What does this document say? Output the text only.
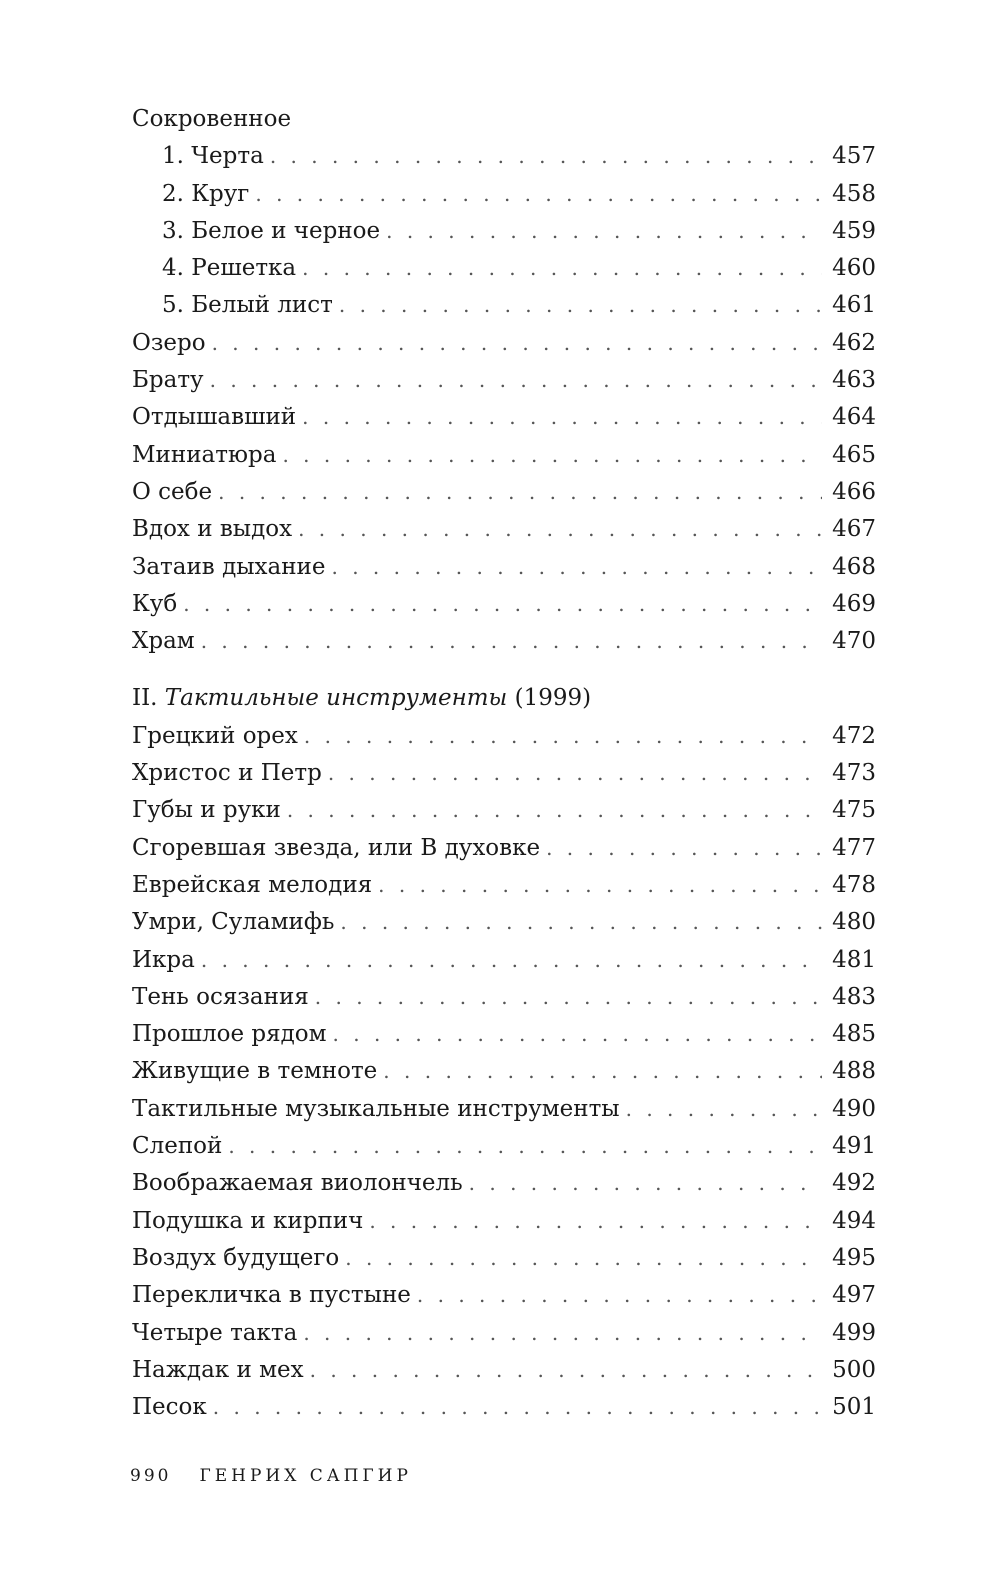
Сокровенное
1. Черта . . .	457
2. Круг . . .	458
3. Белое и черное . . .	459
4. Решетка . . .	460
5. Белый лист . . .	461
Озеро . . .	462
Брату . . .	463
Отдышавший . . .	464
Миниатюра . . .	465
О себе . . .	466
Вдох и выдох . . .	467
Затаив дыхание . . .	468
Куб . . .	469
Храм . . .	470
II. Тактильные инструменты (1999)
Грецкий орех . . .	472
Христос и Петр . . .	473
Губы и руки . . .	475
Сгоревшая звезда, или В духовке . . .	477
Еврейская мелодия . . .	478
Умри, Суламифь . . .	480
Икра . . .	481
Тень осязания . . .	483
Прошлое рядом . . .	485
Живущие в темноте . . .	488
Тактильные музыкальные инструменты . . .	490
Слепой . . .	491
Воображаемая виолончель . . .	492
Подушка и кирпич . . .	494
Воздух будущего . . .	495
Перекличка в пустыне . . .	497
Четыре такта . . .	499
Наждак и мех . . .	500
Песок . . .	501
990 ГЕНРИХ САПГИР
